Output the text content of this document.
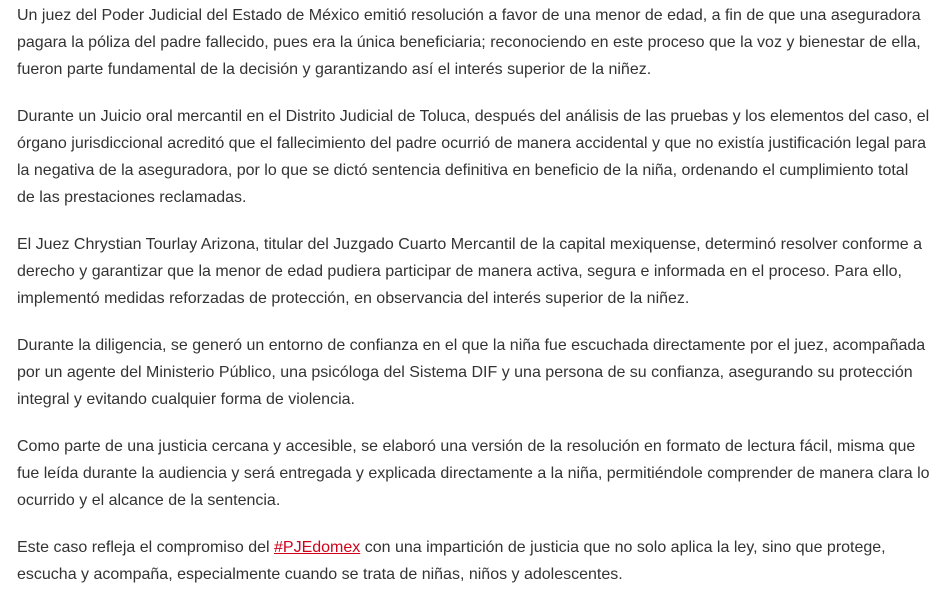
Un juez del Poder Judicial del Estado de México emitió resolución a favor de una menor de edad, a fin de que una aseguradora pagara la póliza del padre fallecido, pues era la única beneficiaria; reconociendo en este proceso que la voz y bienestar de ella, fueron parte fundamental de la decisión y garantizando así el interés superior de la niñez.

Durante un Juicio oral mercantil en el Distrito Judicial de Toluca, después del análisis de las pruebas y los elementos del caso, el órgano jurisdiccional acreditó que el fallecimiento del padre ocurrió de manera accidental y que no existía justificación legal para la negativa de la aseguradora, por lo que se dictó sentencia definitiva en beneficio de la niña, ordenando el cumplimiento total de las prestaciones reclamadas.

El Juez Chrystian Tourlay Arizona, titular del Juzgado Cuarto Mercantil de la capital mexiquense, determinó resolver conforme a derecho y garantizar que la menor de edad pudiera participar de manera activa, segura e informada en el proceso. Para ello, implementó medidas reforzadas de protección, en observancia del interés superior de la niñez.

Durante la diligencia, se generó un entorno de confianza en el que la niña fue escuchada directamente por el juez, acompañada por un agente del Ministerio Público, una psicóloga del Sistema DIF y una persona de su confianza, asegurando su protección integral y evitando cualquier forma de violencia.

Como parte de una justicia cercana y accesible, se elaboró una versión de la resolución en formato de lectura fácil, misma que fue leída durante la audiencia y será entregada y explicada directamente a la niña, permitiéndole comprender de manera clara lo ocurrido y el alcance de la sentencia.

Este caso refleja el compromiso del #PJEdomex con una impartición de justicia que no solo aplica la ley, sino que protege, escucha y acompaña, especialmente cuando se trata de niñas, niños y adolescentes.
